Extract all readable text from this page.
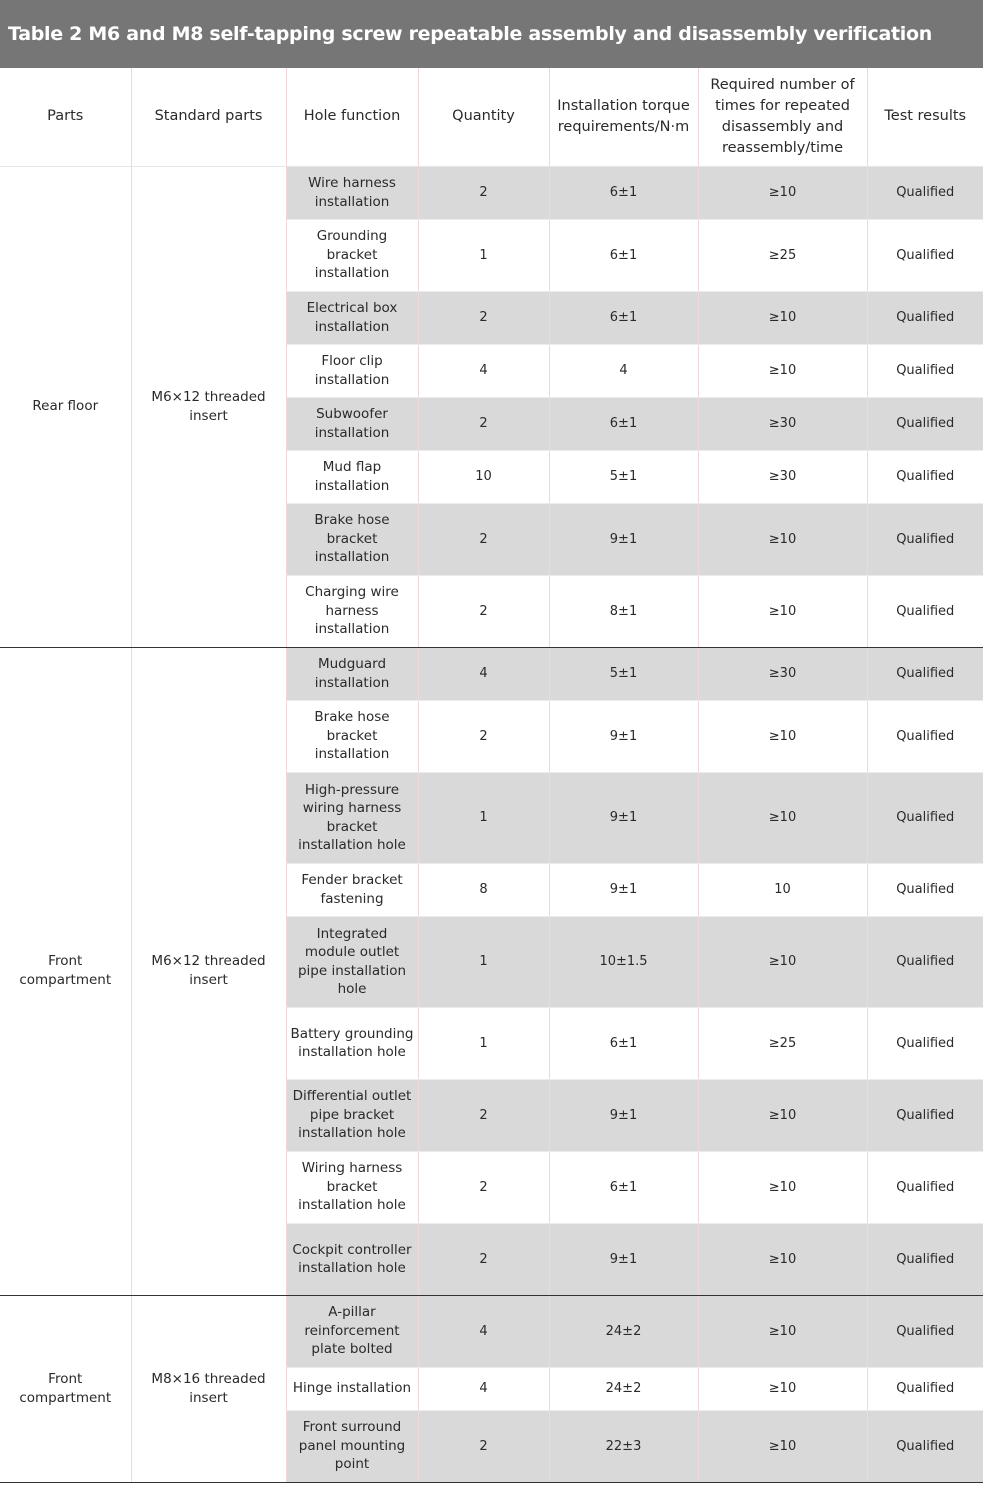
Table 2 M6 and M8 self-tapping screw repeatable assembly and disassembly verification
Parts	Standard parts	Hole function	Quantity	Installation torque requirements/N·m	Required number of times for repeated disassembly and reassembly/time	Test results
Rear floor	M6×12 threaded insert	Wire harness installation	2	6±1	≥10	Qualified
		Grounding bracket installation	1	6±1	≥25	Qualified
		Electrical box installation	2	6±1	≥10	Qualified
		Floor clip installation	4	4	≥10	Qualified
		Subwoofer installation	2	6±1	≥30	Qualified
		Mud flap installation	10	5±1	≥30	Qualified
		Brake hose bracket installation	2	9±1	≥10	Qualified
		Charging wire harness installation	2	8±1	≥10	Qualified
Front compartment	M6×12 threaded insert	Mudguard installation	4	5±1	≥30	Qualified
		Brake hose bracket installation	2	9±1	≥10	Qualified
		High-pressure wiring harness bracket installation hole	1	9±1	≥10	Qualified
		Fender bracket fastening	8	9±1	10	Qualified
		Integrated module outlet pipe installation hole	1	10±1.5	≥10	Qualified
		Battery grounding installation hole	1	6±1	≥25	Qualified
		Differential outlet pipe bracket installation hole	2	9±1	≥10	Qualified
		Wiring harness bracket installation hole	2	6±1	≥10	Qualified
		Cockpit controller installation hole	2	9±1	≥10	Qualified
Front compartment	M8×16 threaded insert	A-pillar reinforcement plate bolted	4	24±2	≥10	Qualified
		Hinge installation	4	24±2	≥10	Qualified
		Front surround panel mounting point	2	22±3	≥10	Qualified
